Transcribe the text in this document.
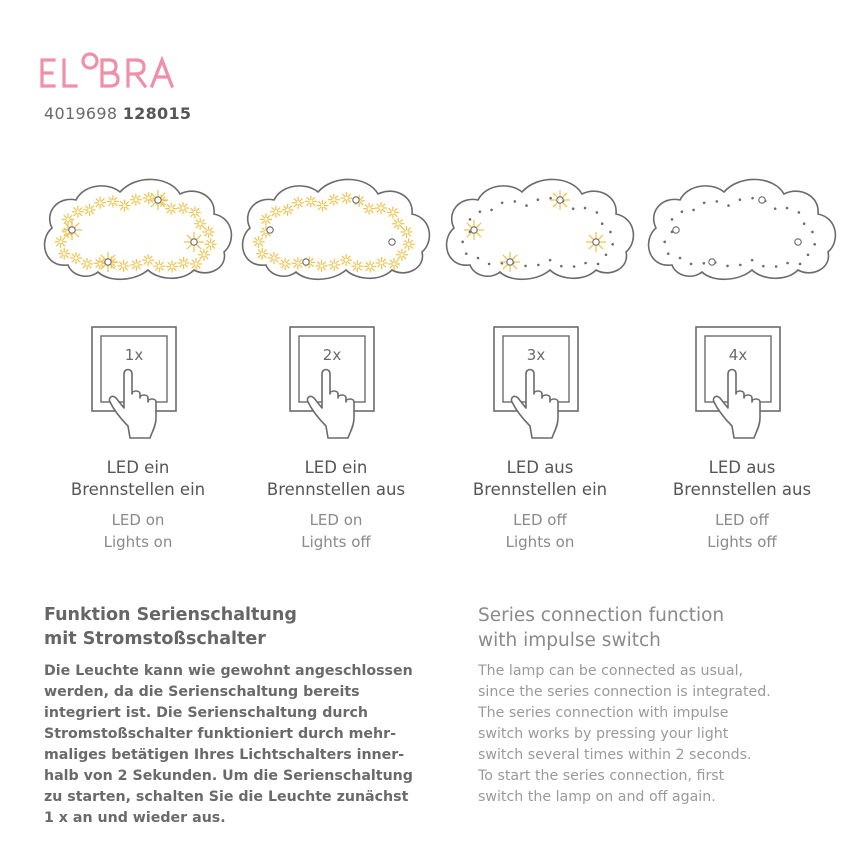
4019698 128015
1x
LED ein
Brennstellen ein
LED on
Lights on
2x
LED ein
Brennstellen aus
LED on
Lights off
3x
LED aus
Brennstellen ein
LED off
Lights on
4x
LED aus
Brennstellen aus
LED off
Lights off
Funktion Serienschaltung
mit Stromstoßschalter
Die Leuchte kann wie gewohnt angeschlossen
werden, da die Serienschaltung bereits
integriert ist. Die Serienschaltung durch
Stromstoßschalter funktioniert durch mehr-
maliges betätigen Ihres Lichtschalters inner-
halb von 2 Sekunden. Um die Serienschaltung
zu starten, schalten Sie die Leuchte zunächst
1 x an und wieder aus.
Series connection function
with impulse switch
The lamp can be connected as usual,
since the series connection is integrated.
The series connection with impulse
switch works by pressing your light
switch several times within 2 seconds.
To start the series connection, first
switch the lamp on and off again.
